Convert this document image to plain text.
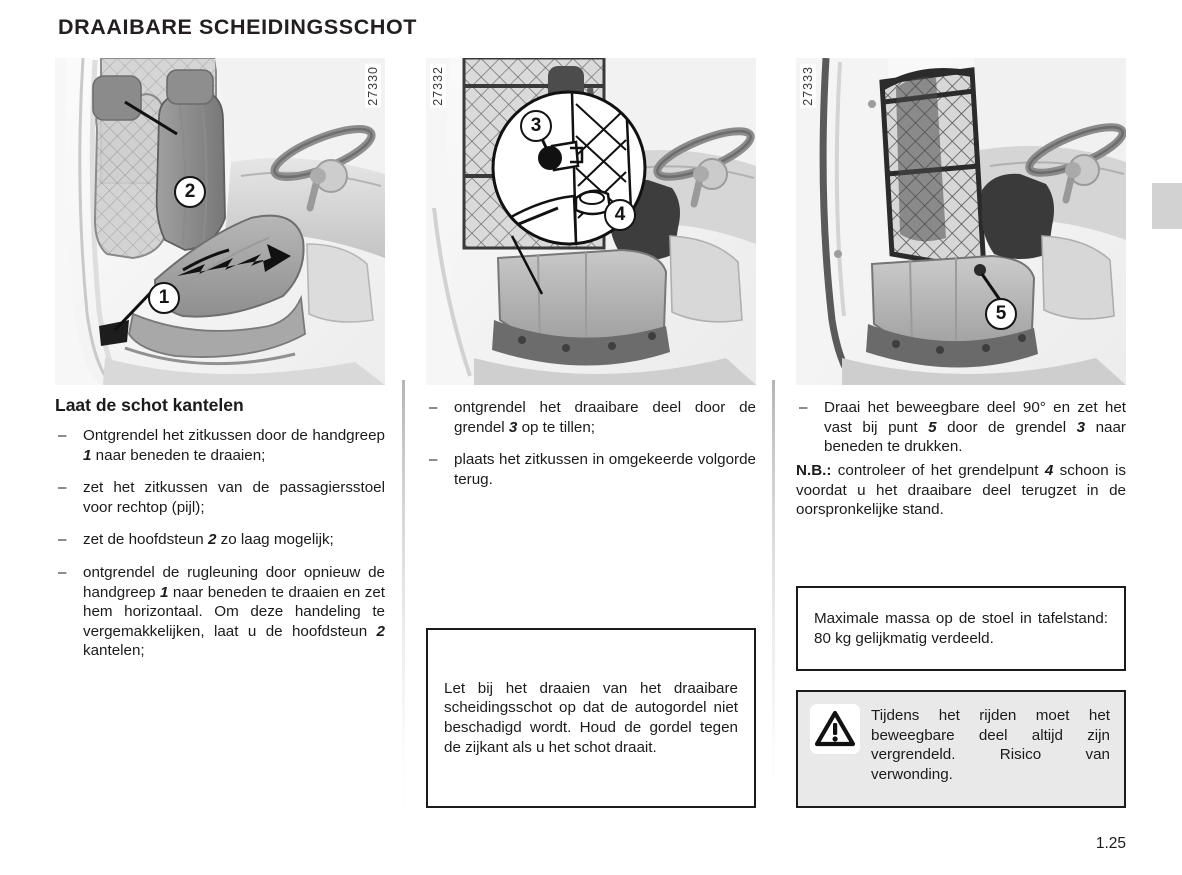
DRAAIBARE SCHEIDINGSSCHOT
27330
2
1
Laat de schot kantelen
– Ontgrendel het zitkussen door de handgreep 1 naar beneden te draaien;
– zet het zitkussen van de passagiersstoel voor rechtop (pijl);
– zet de hoofdsteun 2 zo laag mogelijk;
– ontgrendel de rugleuning door opnieuw de handgreep 1 naar beneden te draaien en zet hem horizontaal. Om deze handeling te vergemakkelijken, laat u de hoofdsteun 2 kantelen;
27332
3
4
– ontgrendel het draaibare deel door de grendel 3 op te tillen;
– plaats het zitkussen in omgekeerde volgorde terug.
Let bij het draaien van het draaibare scheidingsschot op dat de autogordel niet beschadigd wordt. Houd de gordel tegen de zijkant als u het schot draait.
27333
5
– Draai het beweegbare deel 90° en zet het vast bij punt 5 door de grendel 3 naar beneden te drukken.
N.B.: controleer of het grendelpunt 4 schoon is voordat u het draaibare deel terugzet in de oorspronkelijke stand.
Maximale massa op de stoel in tafelstand: 80 kg gelijkmatig verdeeld.
Tijdens het rijden moet het beweegbare deel altijd zijn vergrendeld. Risico van verwonding.
1.25
